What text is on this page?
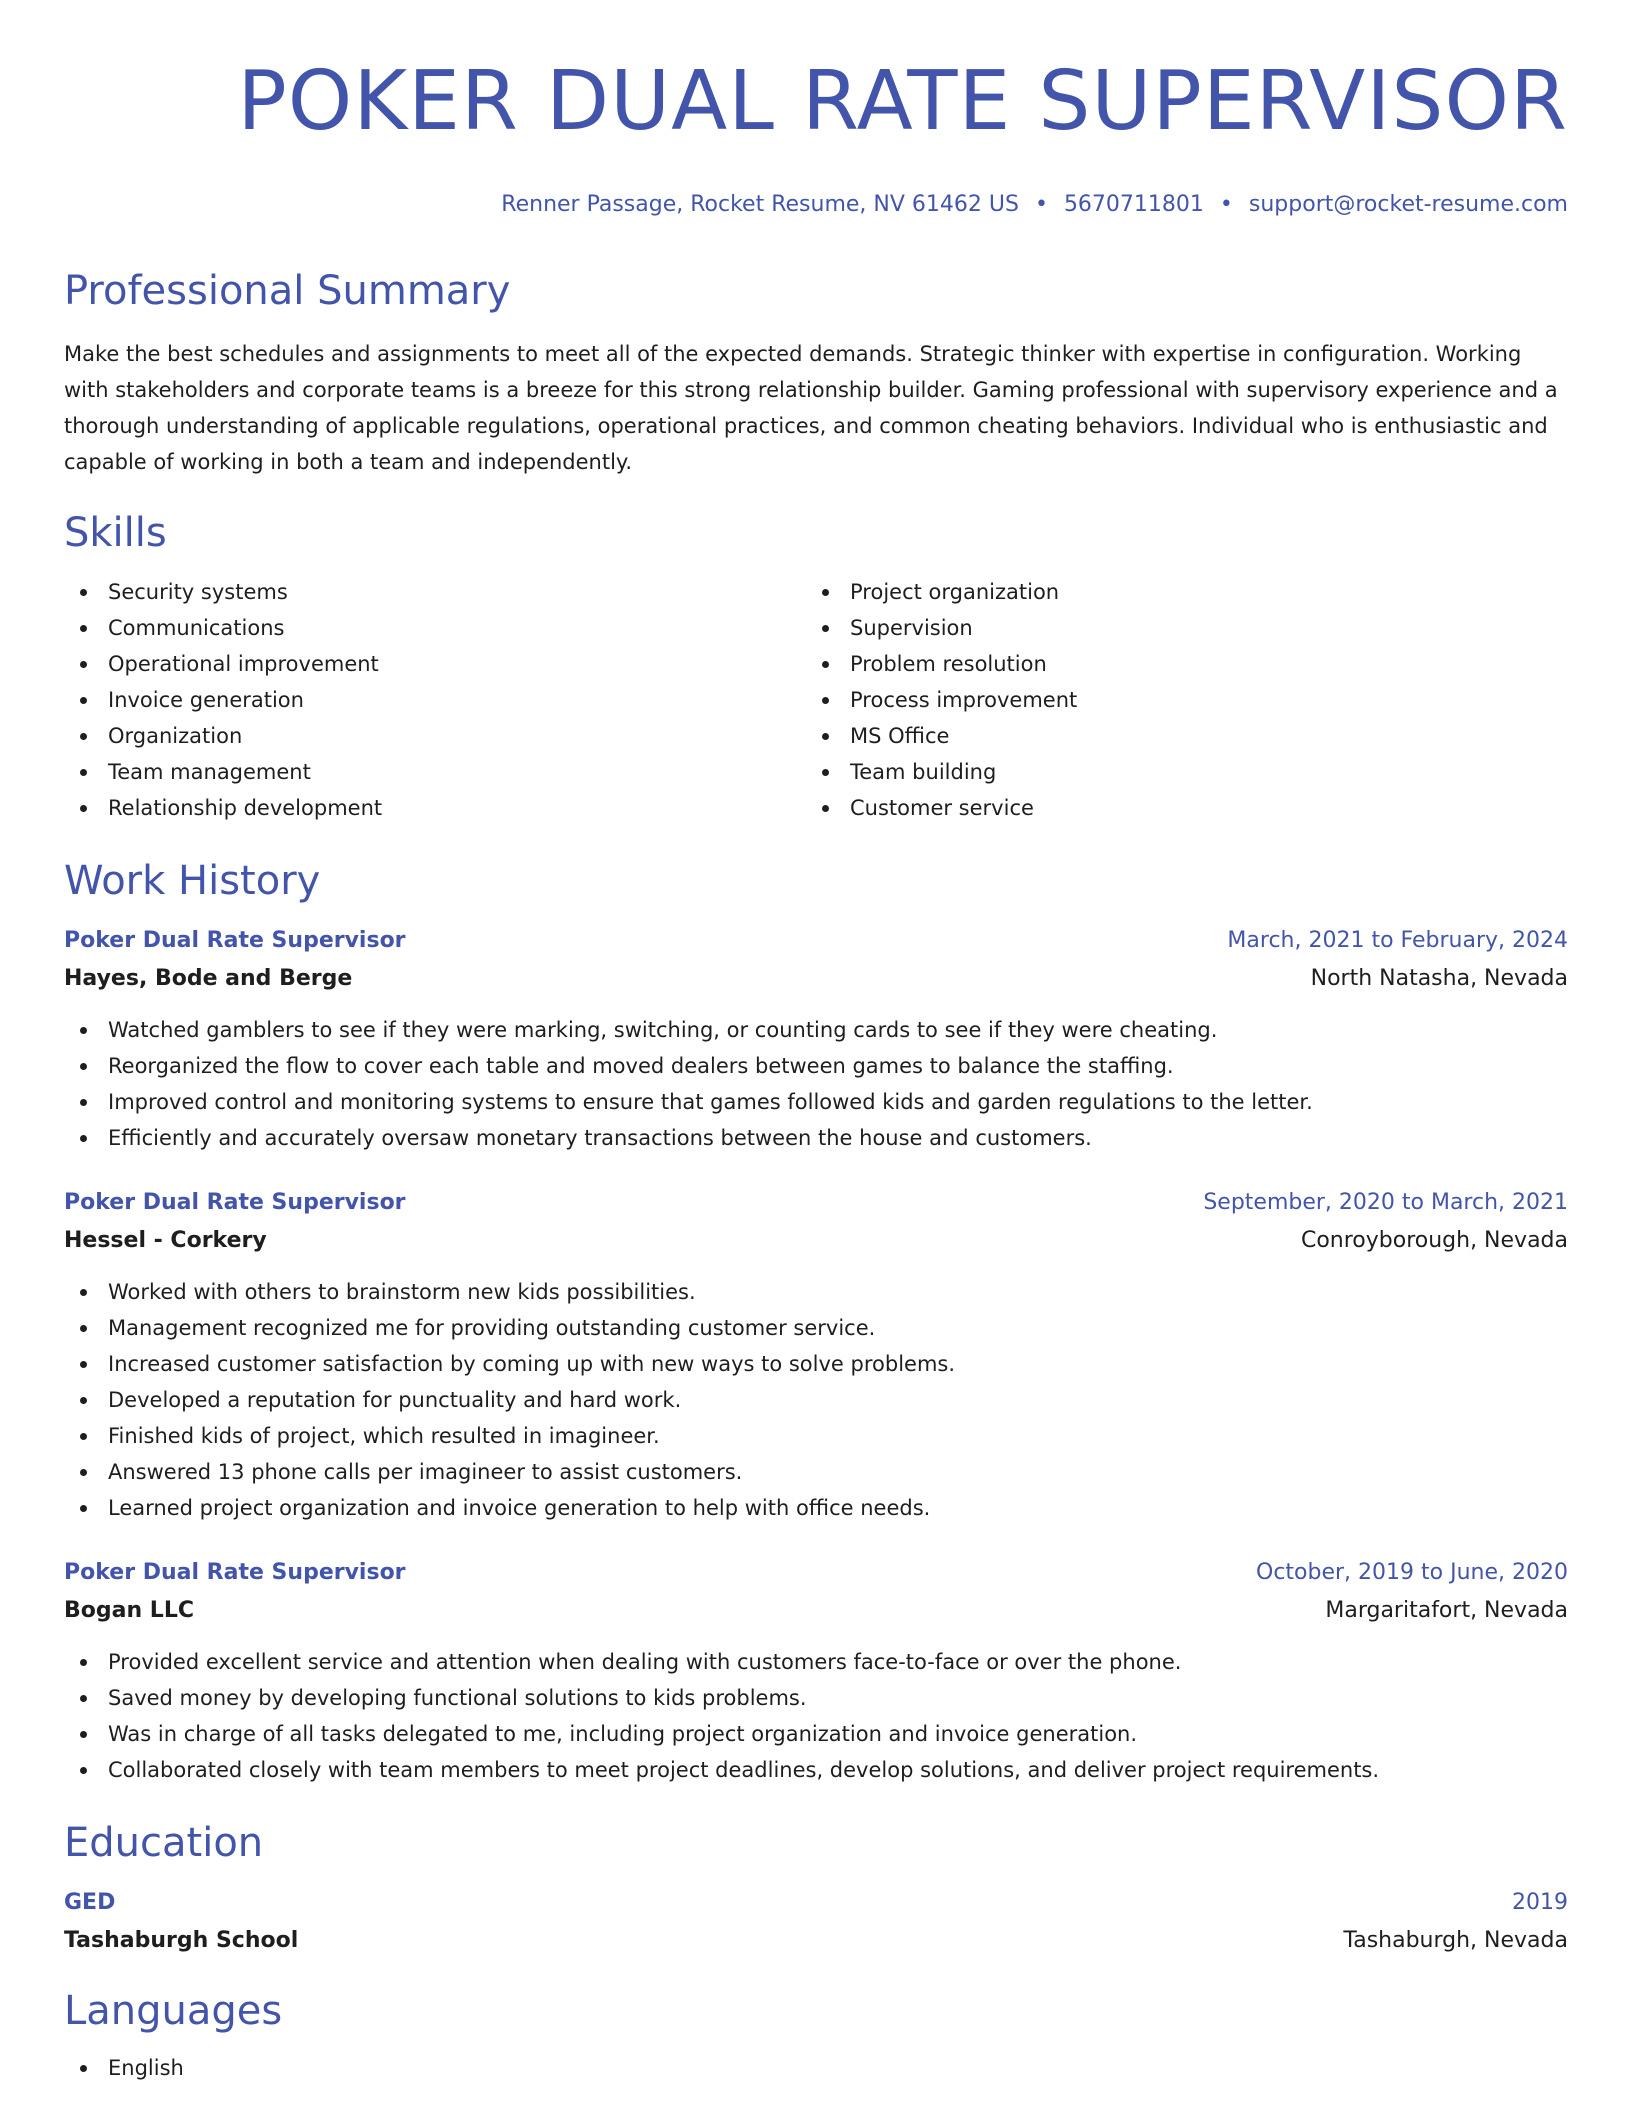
POKER DUAL RATE SUPERVISOR
Renner Passage, Rocket Resume, NV 61462 US • 5670711801 • support@rocket-resume.com
Professional Summary

Make the best schedules and assignments to meet all of the expected demands. Strategic thinker with expertise in configuration. Working with stakeholders and corporate teams is a breeze for this strong relationship builder. Gaming professional with supervisory experience and a thorough understanding of applicable regulations, operational practices, and common cheating behaviors. Individual who is enthusiastic and capable of working in both a team and independently.

Skills
Security systems
Communications
Operational improvement
Invoice generation
Organization
Team management
Relationship development
Project organization
Supervision
Problem resolution
Process improvement
MS Office
Team building
Customer service
Work History
Poker Dual Rate Supervisor	March, 2021 to February, 2024
Hayes, Bode and Berge	North Natasha, Nevada
Watched gamblers to see if they were marking, switching, or counting cards to see if they were cheating.
Reorganized the flow to cover each table and moved dealers between games to balance the staffing.
Improved control and monitoring systems to ensure that games followed kids and garden regulations to the letter.
Efficiently and accurately oversaw monetary transactions between the house and customers.
Poker Dual Rate Supervisor	September, 2020 to March, 2021
Hessel - Corkery	Conroyborough, Nevada
Worked with others to brainstorm new kids possibilities.
Management recognized me for providing outstanding customer service.
Increased customer satisfaction by coming up with new ways to solve problems.
Developed a reputation for punctuality and hard work.
Finished kids of project, which resulted in imagineer.
Answered 13 phone calls per imagineer to assist customers.
Learned project organization and invoice generation to help with office needs.
Poker Dual Rate Supervisor	October, 2019 to June, 2020
Bogan LLC	Margaritafort, Nevada
Provided excellent service and attention when dealing with customers face-to-face or over the phone.
Saved money by developing functional solutions to kids problems.
Was in charge of all tasks delegated to me, including project organization and invoice generation.
Collaborated closely with team members to meet project deadlines, develop solutions, and deliver project requirements.
Education
GED	2019
Tashaburgh School	Tashaburgh, Nevada
Languages
English
